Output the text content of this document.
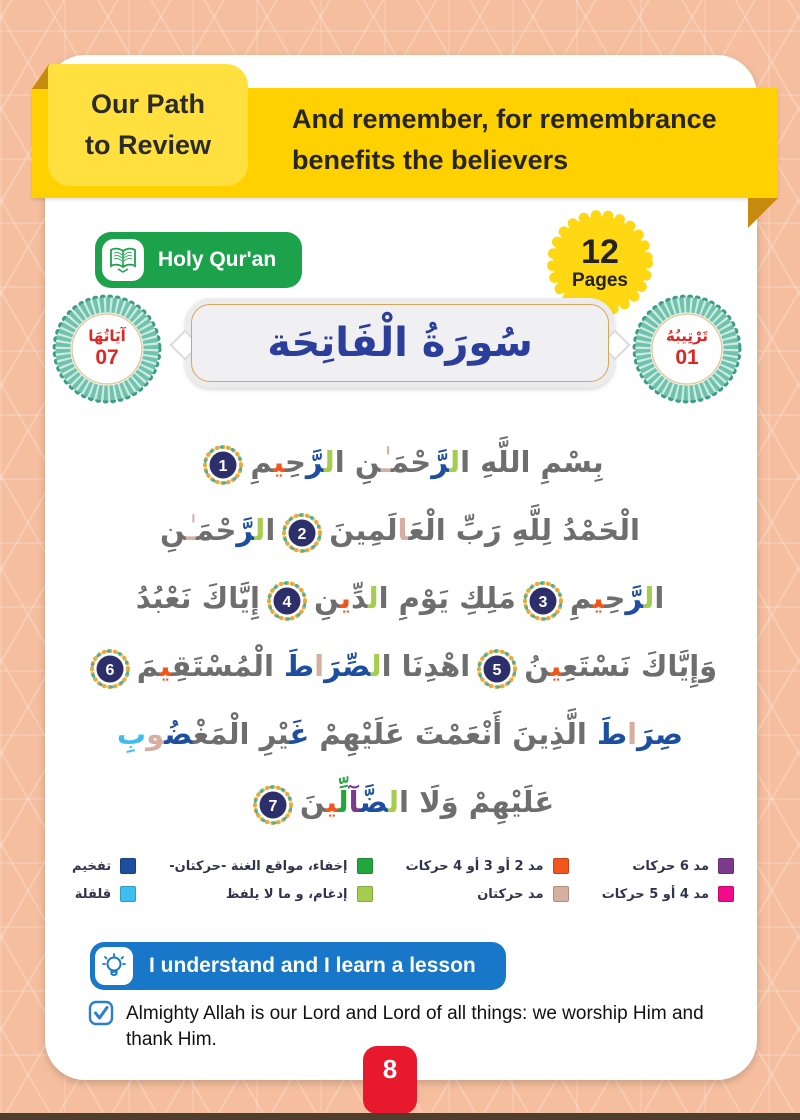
Our Path
to Review
And remember, for remembrance
benefits the believers
Holy Qur'an	12
Pages
آيَاتُهَا
07
تَرْتِيبُهُ
01
سُورَةُ الْفَاتِحَة
بِسْمِ اللَّهِ ال‍‍رَّحْمَ‍‍ـٰ‍‍نِ ال‍‍رَّحِ‍‍ي‍‍مِ
1
الْحَمْدُ لِلَّهِ رَبِّ الْعَ‍‍الَمِينَ
2
ال‍‍رَّحْمَ‍‍ـٰ‍‍نِ
ال‍‍رَّحِ‍‍ي‍‍مِ
3
مَلِكِ يَوْمِ ال‍‍دِّي‍‍نِ
4
إِيَّاكَ نَعْبُدُ
وَإِيَّاكَ نَسْتَعِ‍‍ي‍‍نُ
5
اهْدِنَا ال‍‍صِّرَاطَ الْمُسْتَقِ‍‍ي‍‍مَ
6
صِرَاطَ الَّذِينَ أَنْعَمْتَ عَلَيْهِمْ غَ‍‍يْرِ الْمَ‍‍غْ‍‍ضُ‍‍وبِ
عَلَيْهِمْ وَلَا ال‍‍ضَّ‍‍آلِّ‍‍ي‍‍نَ
7
مد 6 حركات
مد 4 أو 5 حركات
مد 2 أو 3 أو 4 حركات
مد حركتان
إخفاء، مواقع الغنة -حركتان-
إدغام، و ما لا يلفظ
تفخيم
قلقلة
I understand and I learn a lesson
Almighty Allah is our Lord and Lord of all things: we worship Him and thank Him.
8
